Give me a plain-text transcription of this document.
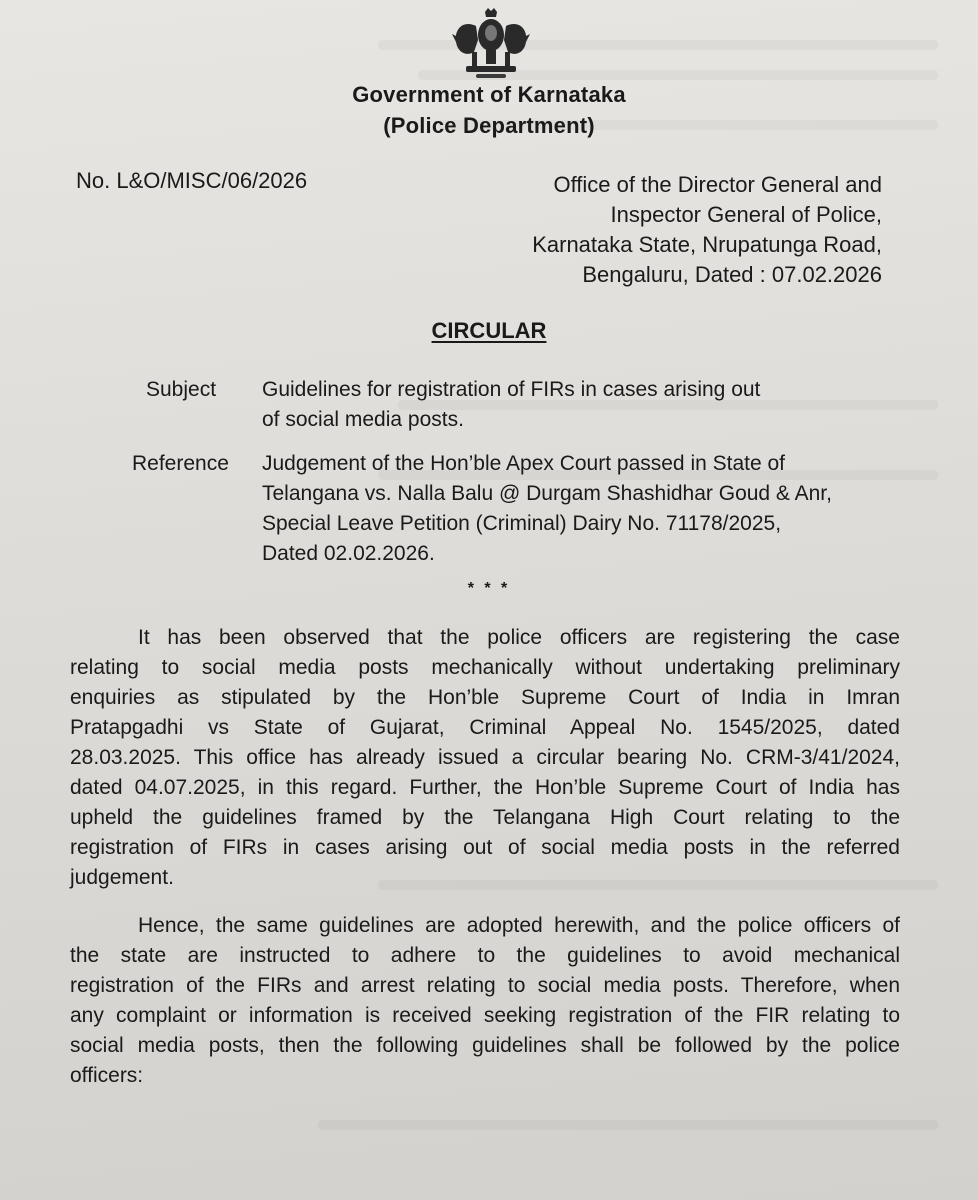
Government of Karnataka
(Police Department)
No. L&O/MISC/06/2026	Office of the Director General and
Inspector General of Police,
Karnataka State, Nrupatunga Road,
Bengaluru, Dated : 07.02.2026
CIRCULAR
Subject Guidelines for registration of FIRs in cases arising out
of social media posts.
Reference Judgement of the Hon’ble Apex Court passed in State of
Telangana vs. Nalla Balu @ Durgam Shashidhar Goud & Anr,
Special Leave Petition (Criminal) Dairy No. 71178/2025,
Dated 02.02.2026.
* * *
It has been observed that the police officers are registering the case
relating to social media posts mechanically without undertaking preliminary
enquiries as stipulated by the Hon’ble Supreme Court of India in Imran
Pratapgadhi vs State of Gujarat, Criminal Appeal No. 1545/2025, dated
28.03.2025. This office has already issued a circular bearing No. CRM-3/41/2024,
dated 04.07.2025, in this regard. Further, the Hon’ble Supreme Court of India has
upheld the guidelines framed by the Telangana High Court relating to the
registration of FIRs in cases arising out of social media posts in the referred
judgement.
Hence, the same guidelines are adopted herewith, and the police officers of
the state are instructed to adhere to the guidelines to avoid mechanical
registration of the FIRs and arrest relating to social media posts. Therefore, when
any complaint or information is received seeking registration of the FIR relating to
social media posts, then the following guidelines shall be followed by the police
officers:
